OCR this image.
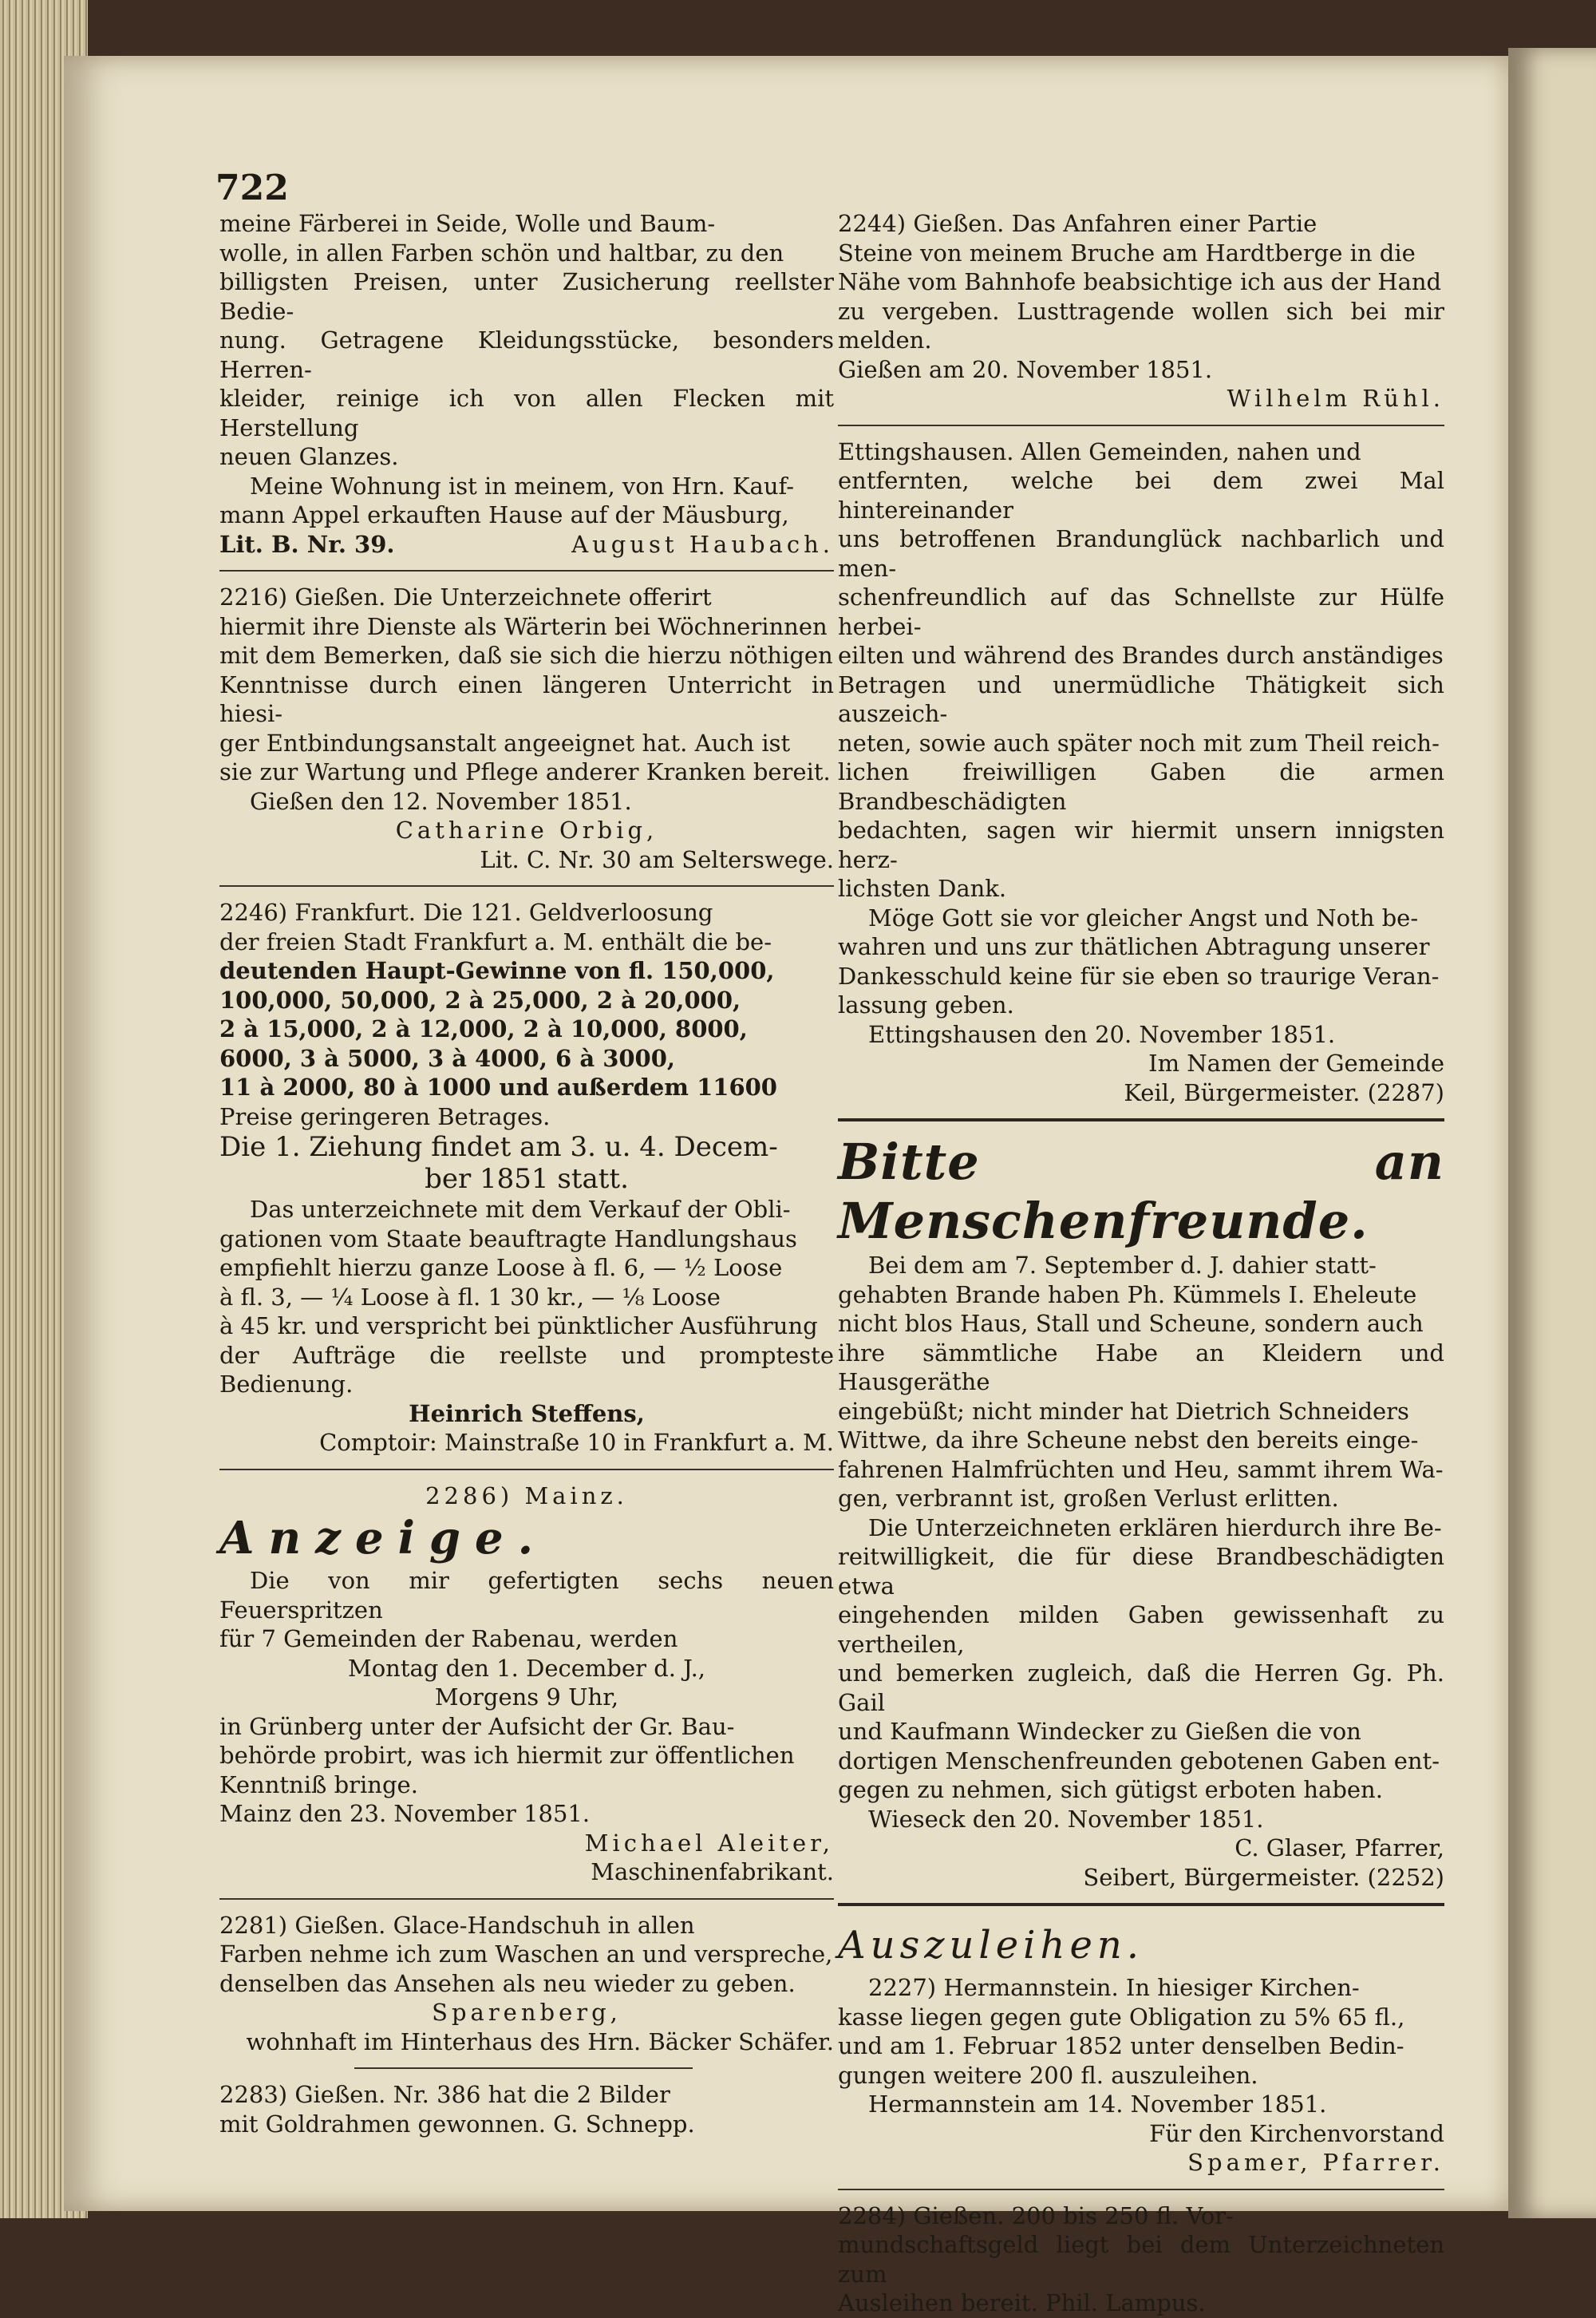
722

meine Färberei in Seide, Wolle und Baum-

wolle, in allen Farben schön und haltbar, zu den

billigsten Preisen, unter Zusicherung reellster Bedie-

nung. Getragene Kleidungsstücke, besonders Herren-

kleider, reinige ich von allen Flecken mit Herstellung

neuen Glanzes.

Meine Wohnung ist in meinem, von Hrn. Kauf-

mann Appel erkauften Hause auf der Mäusburg,

Lit. B. Nr. 39.	August Haubach.

2216) Gießen. Die Unterzeichnete offerirt

hiermit ihre Dienste als Wärterin bei Wöchnerinnen

mit dem Bemerken, daß sie sich die hierzu nöthigen

Kenntnisse durch einen längeren Unterricht in hiesi-

ger Entbindungsanstalt angeeignet hat. Auch ist

sie zur Wartung und Pflege anderer Kranken bereit.

Gießen den 12. November 1851.

Catharine Orbig,

Lit. C. Nr. 30 am Selterswege.

2246) Frankfurt. Die 121. Geldverloosung

der freien Stadt Frankfurt a. M. enthält die be-

deutenden Haupt-Gewinne von fl. 150,000,

100,000, 50,000, 2 à 25,000, 2 à 20,000,

2 à 15,000, 2 à 12,000, 2 à 10,000, 8000,

6000, 3 à 5000, 3 à 4000, 6 à 3000,

11 à 2000, 80 à 1000 und außerdem 11600

Preise geringeren Betrages.

Die 1. Ziehung findet am 3. u. 4. Decem-

ber 1851 statt.

Das unterzeichnete mit dem Verkauf der Obli-

gationen vom Staate beauftragte Handlungshaus

empfiehlt hierzu ganze Loose à fl. 6, — ½ Loose

à fl. 3, — ¼ Loose à fl. 1 30 kr., — ⅛ Loose

à 45 kr. und verspricht bei pünktlicher Ausführung

der Aufträge die reellste und prompteste Bedienung.

Heinrich Steffens,

Comptoir: Mainstraße 10 in Frankfurt a. M.

2286) Mainz.

Anzeige.

Die von mir gefertigten sechs neuen Feuerspritzen

für 7 Gemeinden der Rabenau, werden

Montag den 1. December d. J.,

Morgens 9 Uhr,

in Grünberg unter der Aufsicht der Gr. Bau-

behörde probirt, was ich hiermit zur öffentlichen

Kenntniß bringe.

Mainz den 23. November 1851.

Michael Aleiter,

Maschinenfabrikant.

2281) Gießen. Glace-Handschuh in allen

Farben nehme ich zum Waschen an und verspreche,

denselben das Ansehen als neu wieder zu geben.

Sparenberg,

wohnhaft im Hinterhaus des Hrn. Bäcker Schäfer.

2283) Gießen. Nr. 386 hat die 2 Bilder

mit Goldrahmen gewonnen. G. Schnepp.

2244) Gießen. Das Anfahren einer Partie

Steine von meinem Bruche am Hardtberge in die

Nähe vom Bahnhofe beabsichtige ich aus der Hand

zu vergeben. Lusttragende wollen sich bei mir melden.

Gießen am 20. November 1851.

Wilhelm Rühl.

Ettingshausen. Allen Gemeinden, nahen und

entfernten, welche bei dem zwei Mal hintereinander

uns betroffenen Brandunglück nachbarlich und men-

schenfreundlich auf das Schnellste zur Hülfe herbei-

eilten und während des Brandes durch anständiges

Betragen und unermüdliche Thätigkeit sich auszeich-

neten, sowie auch später noch mit zum Theil reich-

lichen freiwilligen Gaben die armen Brandbeschädigten

bedachten, sagen wir hiermit unsern innigsten herz-

lichsten Dank.

Möge Gott sie vor gleicher Angst und Noth be-

wahren und uns zur thätlichen Abtragung unserer

Dankesschuld keine für sie eben so traurige Veran-

lassung geben.

Ettingshausen den 20. November 1851.

Im Namen der Gemeinde

Keil, Bürgermeister. (2287)

Bitte an Menschenfreunde.

Bei dem am 7. September d. J. dahier statt-

gehabten Brande haben Ph. Kümmels I. Eheleute

nicht blos Haus, Stall und Scheune, sondern auch

ihre sämmtliche Habe an Kleidern und Hausgeräthe

eingebüßt; nicht minder hat Dietrich Schneiders

Wittwe, da ihre Scheune nebst den bereits einge-

fahrenen Halmfrüchten und Heu, sammt ihrem Wa-

gen, verbrannt ist, großen Verlust erlitten.

Die Unterzeichneten erklären hierdurch ihre Be-

reitwilligkeit, die für diese Brandbeschädigten etwa

eingehenden milden Gaben gewissenhaft zu vertheilen,

und bemerken zugleich, daß die Herren Gg. Ph. Gail

und Kaufmann Windecker zu Gießen die von

dortigen Menschenfreunden gebotenen Gaben ent-

gegen zu nehmen, sich gütigst erboten haben.

Wieseck den 20. November 1851.

C. Glaser, Pfarrer,

Seibert, Bürgermeister. (2252)

Auszuleihen.

2227) Hermannstein. In hiesiger Kirchen-

kasse liegen gegen gute Obligation zu 5% 65 fl.,

und am 1. Februar 1852 unter denselben Bedin-

gungen weitere 200 fl. auszuleihen.

Hermannstein am 14. November 1851.

Für den Kirchenvorstand

Spamer, Pfarrer.

2284) Gießen. 200 bis 250 fl. Vor-

mundschaftsgeld liegt bei dem Unterzeichneten zum

Ausleihen bereit. Phil. Lampus.
